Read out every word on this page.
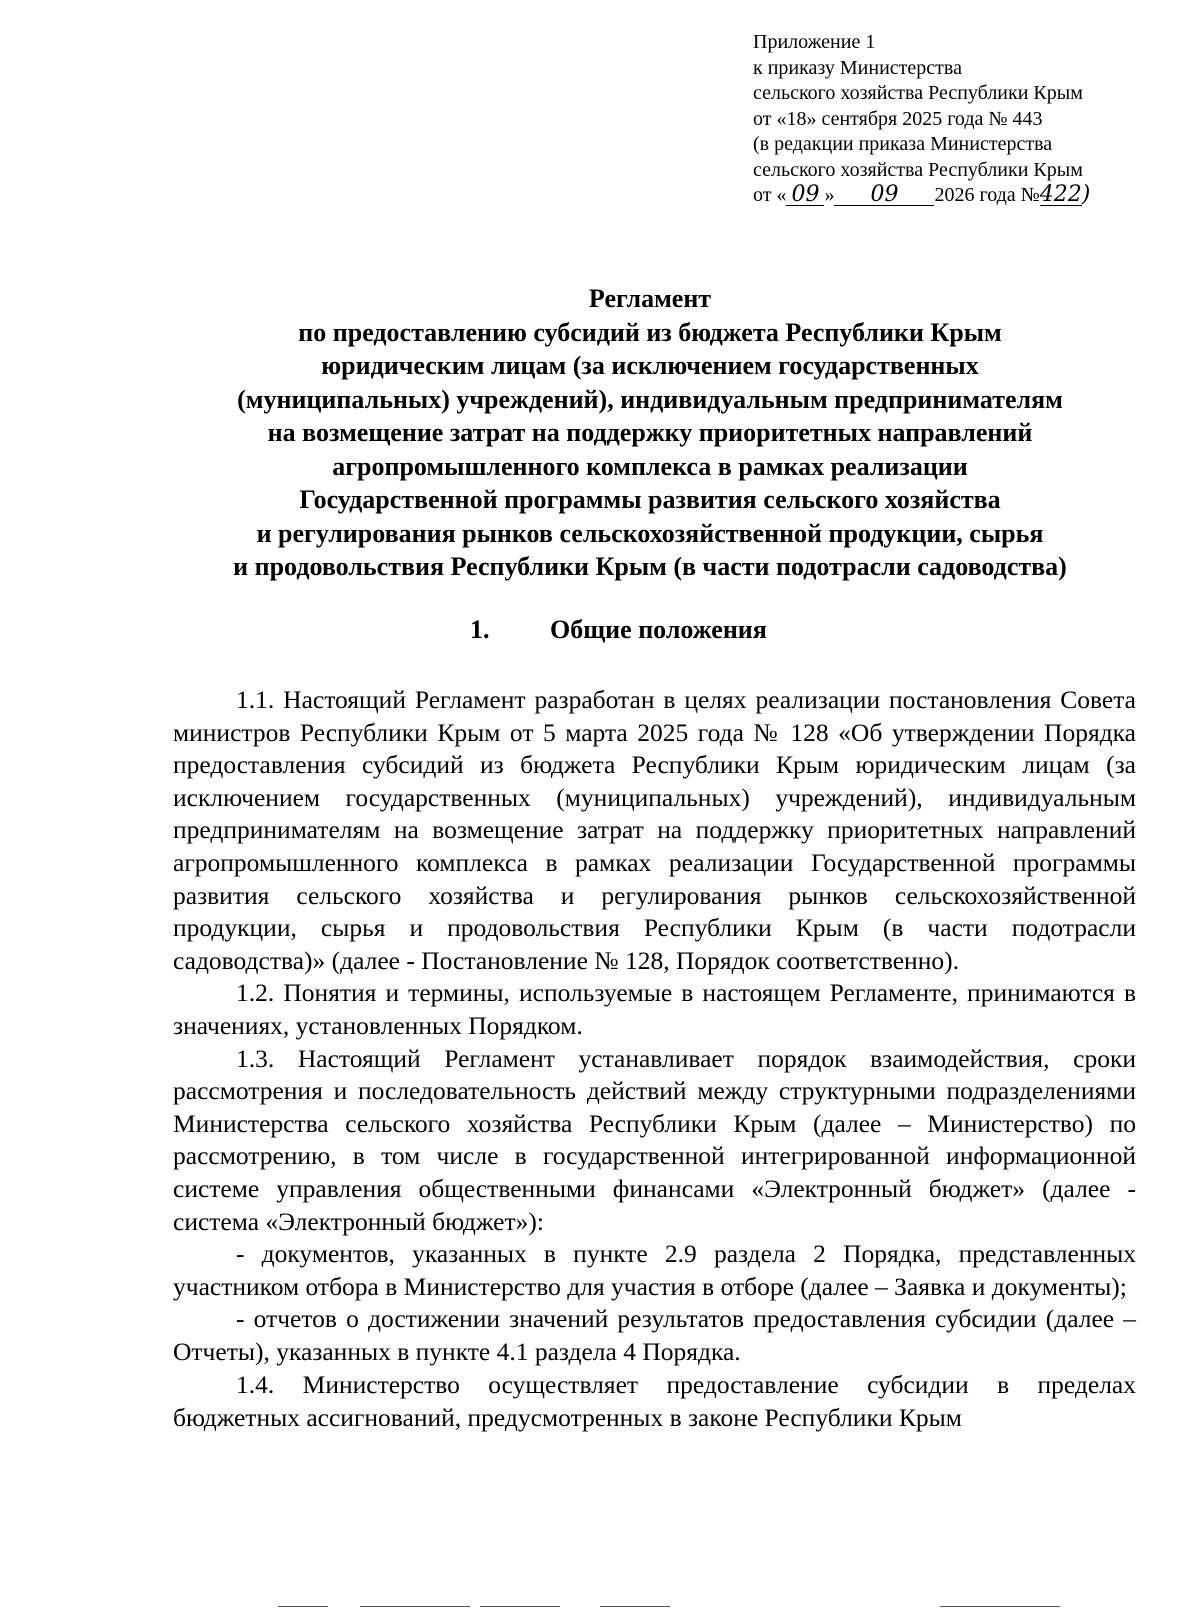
Приложение 1
к приказу Министерства
сельского хозяйства Республики Крым
от «18» сентября 2025 года № 443
(в редакции приказа Министерства
сельского хозяйства Республики Крым
от « 09 » 09 2026 года №422)
Регламент
по предоставлению субсидий из бюджета Республики Крым
юридическим лицам (за исключением государственных
(муниципальных) учреждений), индивидуальным предпринимателям
на возмещение затрат на поддержку приоритетных направлений
агропромышленного комплекса в рамках реализации
Государственной программы развития сельского хозяйства
и регулирования рынков сельскохозяйственной продукции, сырья
и продовольствия Республики Крым (в части подотрасли садоводства)
1. Общие положения

1.1. Настоящий Регламент разработан в целях реализации постановления Совета министров Республики Крым от 5 марта 2025 года № 128 «Об утверждении Порядка предоставления субсидий из бюджета Республики Крым юридическим лицам (за исключением государственных (муниципальных) учреждений), индивидуальным предпринимателям на возмещение затрат на поддержку приоритетных направлений агропромышленного комплекса в рамках реализации Государственной программы развития сельского хозяйства и регулирования рынков сельскохозяйственной продукции, сырья и продовольствия Республики Крым (в части подотрасли садоводства)» (далее - Постановление № 128, Порядок соответственно).

1.2. Понятия и термины, используемые в настоящем Регламенте, принимаются в значениях, установленных Порядком.

1.3. Настоящий Регламент устанавливает порядок взаимодействия, сроки рассмотрения и последовательность действий между структурными подразделениями Министерства сельского хозяйства Республики Крым (далее – Министерство) по рассмотрению, в том числе в государственной интегрированной информационной системе управления общественными финансами «Электронный бюджет» (далее - система «Электронный бюджет»):

- документов, указанных в пункте 2.9 раздела 2 Порядка, представленных участником отбора в Министерство для участия в отборе (далее – Заявка и документы);

- отчетов о достижении значений результатов предоставления субсидии (далее – Отчеты), указанных в пункте 4.1 раздела 4 Порядка.

1.4. Министерство осуществляет предоставление субсидии в пределах бюджетных ассигнований, предусмотренных в законе Республики Крым
